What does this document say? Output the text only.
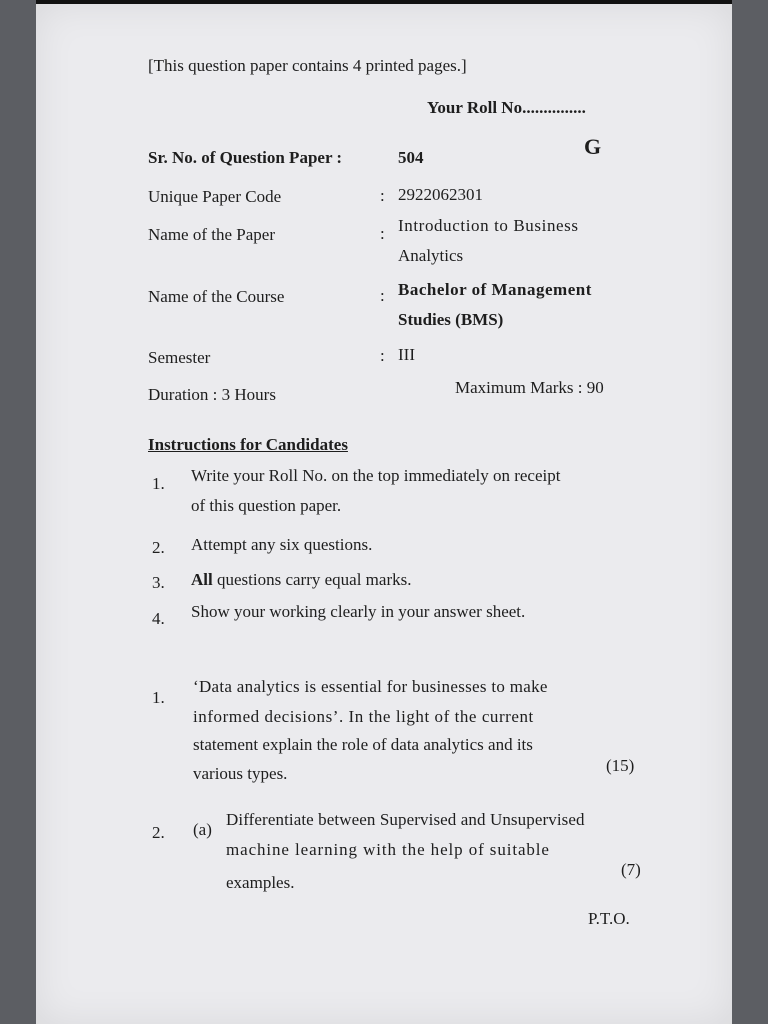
[This question paper contains 4 printed pages.]
Your Roll No...............
G
Sr. No. of Question Paper :	504
Unique Paper Code	: 2922062301
Name of the Paper	: Introduction to Business
Analytics
Name of the Course	: Bachelor of Management
Studies (BMS)
Semester	: III
Duration : 3 Hours	Maximum Marks : 90
Instructions for Candidates
1. Write your Roll No. on the top immediately on receipt
of this question paper.
2. Attempt any six questions.
3. All questions carry equal marks.
4. Show your working clearly in your answer sheet.
1.
‘Data analytics is essential for businesses to make
informed decisions’. In the light of the current
statement explain the role of data analytics and its
various types.	(15)
2. (a)
Differentiate between Supervised and Unsupervised
machine learning with the help of suitable
examples.
(7)
P.T.O.
